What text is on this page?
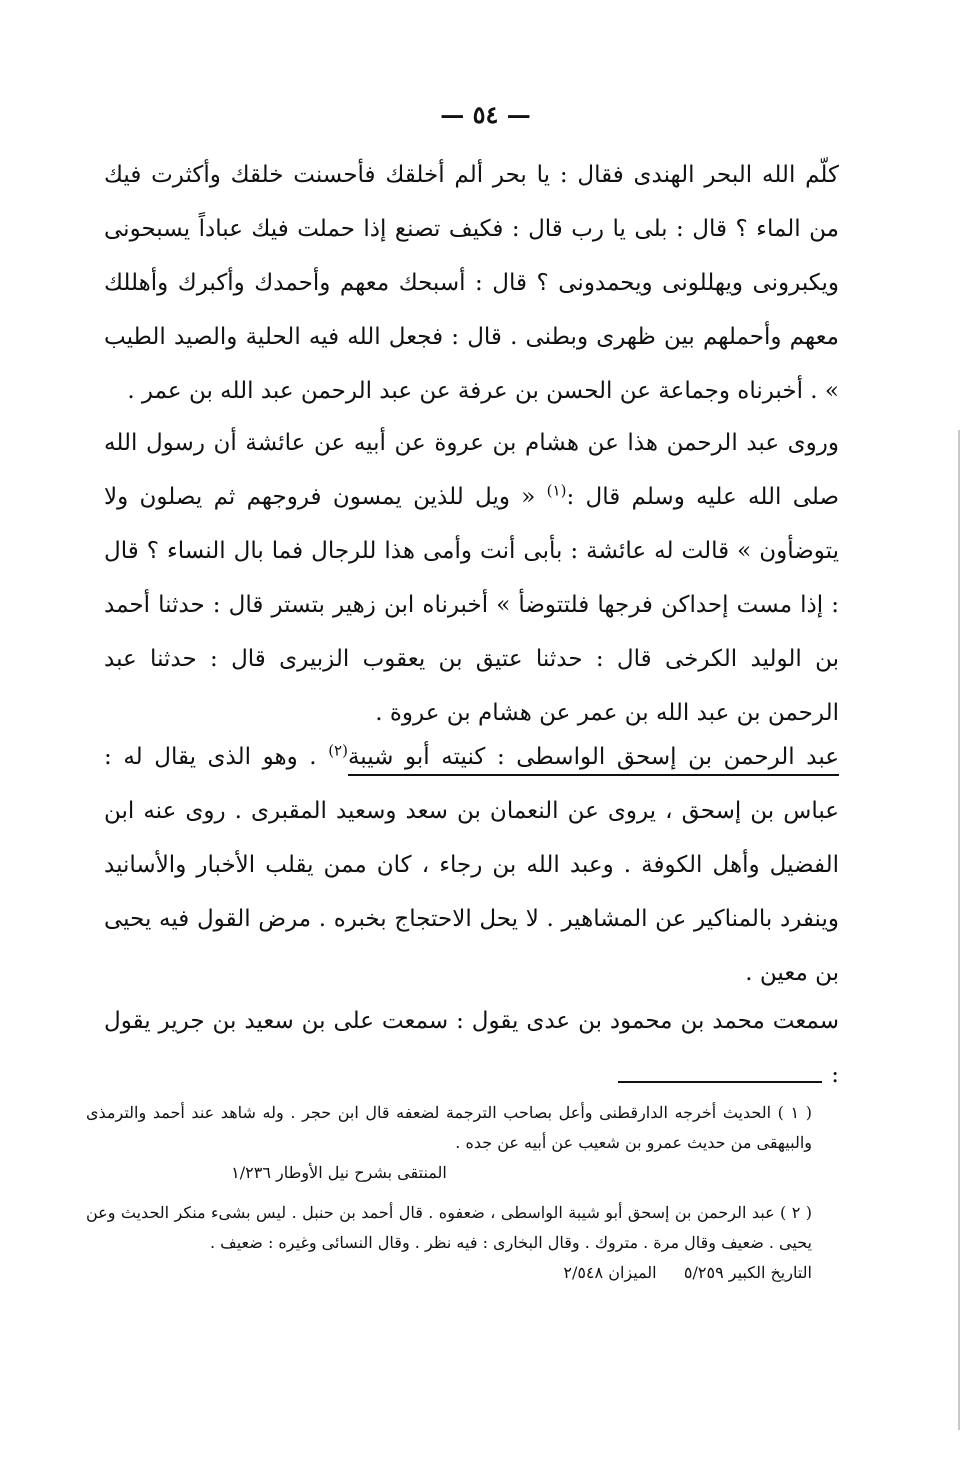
— ٥٤ —

كلّم الله البحر الهندى فقال : يا بحر ألم أخلقك فأحسنت خلقك وأكثرت فيك من الماء ؟ قال : بلى يا رب قال : فكيف تصنع إذا حملت فيك عباداً يسبحونى ويكبرونى ويهللونى ويحمدونى ؟ قال : أسبحك معهم وأحمدك وأكبرك وأهللك معهم وأحملهم بين ظهرى وبطنى . قال : فجعل الله فيه الحلية والصيد الطيب » . أخبرناه وجماعة عن الحسن بن عرفة عن عبد الرحمن عبد الله بن عمر .

وروى عبد الرحمن هذا عن هشام بن عروة عن أبيه عن عائشة أن رسول الله صلى الله عليه وسلم قال :$^{(١)}$ « ويل للذين يمسون فروجهم ثم يصلون ولا يتوضأون » قالت له عائشة : بأبى أنت وأمى هذا للرجال فما بال النساء ؟ قال : إذا مست إحداكن فرجها فلتتوضأ » أخبرناه ابن زهير بتستر قال : حدثنا أحمد بن الوليد الكرخى قال : حدثنا عتيق بن يعقوب الزبيرى قال : حدثنا عبد الرحمن بن عبد الله بن عمر عن هشام بن عروة .

عبد الرحمن بن إسحق الواسطى : كنيته أبو شيبة$^{(٢)}$ . وهو الذى يقال له : عباس بن إسحق ، يروى عن النعمان بن سعد وسعيد المقبرى . روى عنه ابن الفضيل وأهل الكوفة . وعبد الله بن رجاء ، كان ممن يقلب الأخبار والأسانيد وينفرد بالمناكير عن المشاهير . لا يحل الاحتجاج بخبره . مرض القول فيه يحيى بن معين .

سمعت محمد بن محمود بن عدى يقول : سمعت على بن سعيد بن جرير يقول :

( ١ ) الحديث أخرجه الدارقطنى وأعل بصاحب الترجمة لضعفه قال ابن حجر . وله شاهد عند أحمد والترمذى والبيهقى من حديث عمرو بن شعيب عن أبيه عن جده .

المنتقى بشرح نيل الأوطار ١/٢٣٦

( ٢ ) عبد الرحمن بن إسحق أبو شيبة الواسطى ، ضعفوه . قال أحمد بن حنبل . ليس بشىء منكر الحديث وعن يحيى . ضعيف وقال مرة . متروك . وقال البخارى : فيه نظر . وقال النسائى وغيره : ضعيف .

التاريخ الكبير ٥/٢٥٩   الميزان ٢/٥٤٨
